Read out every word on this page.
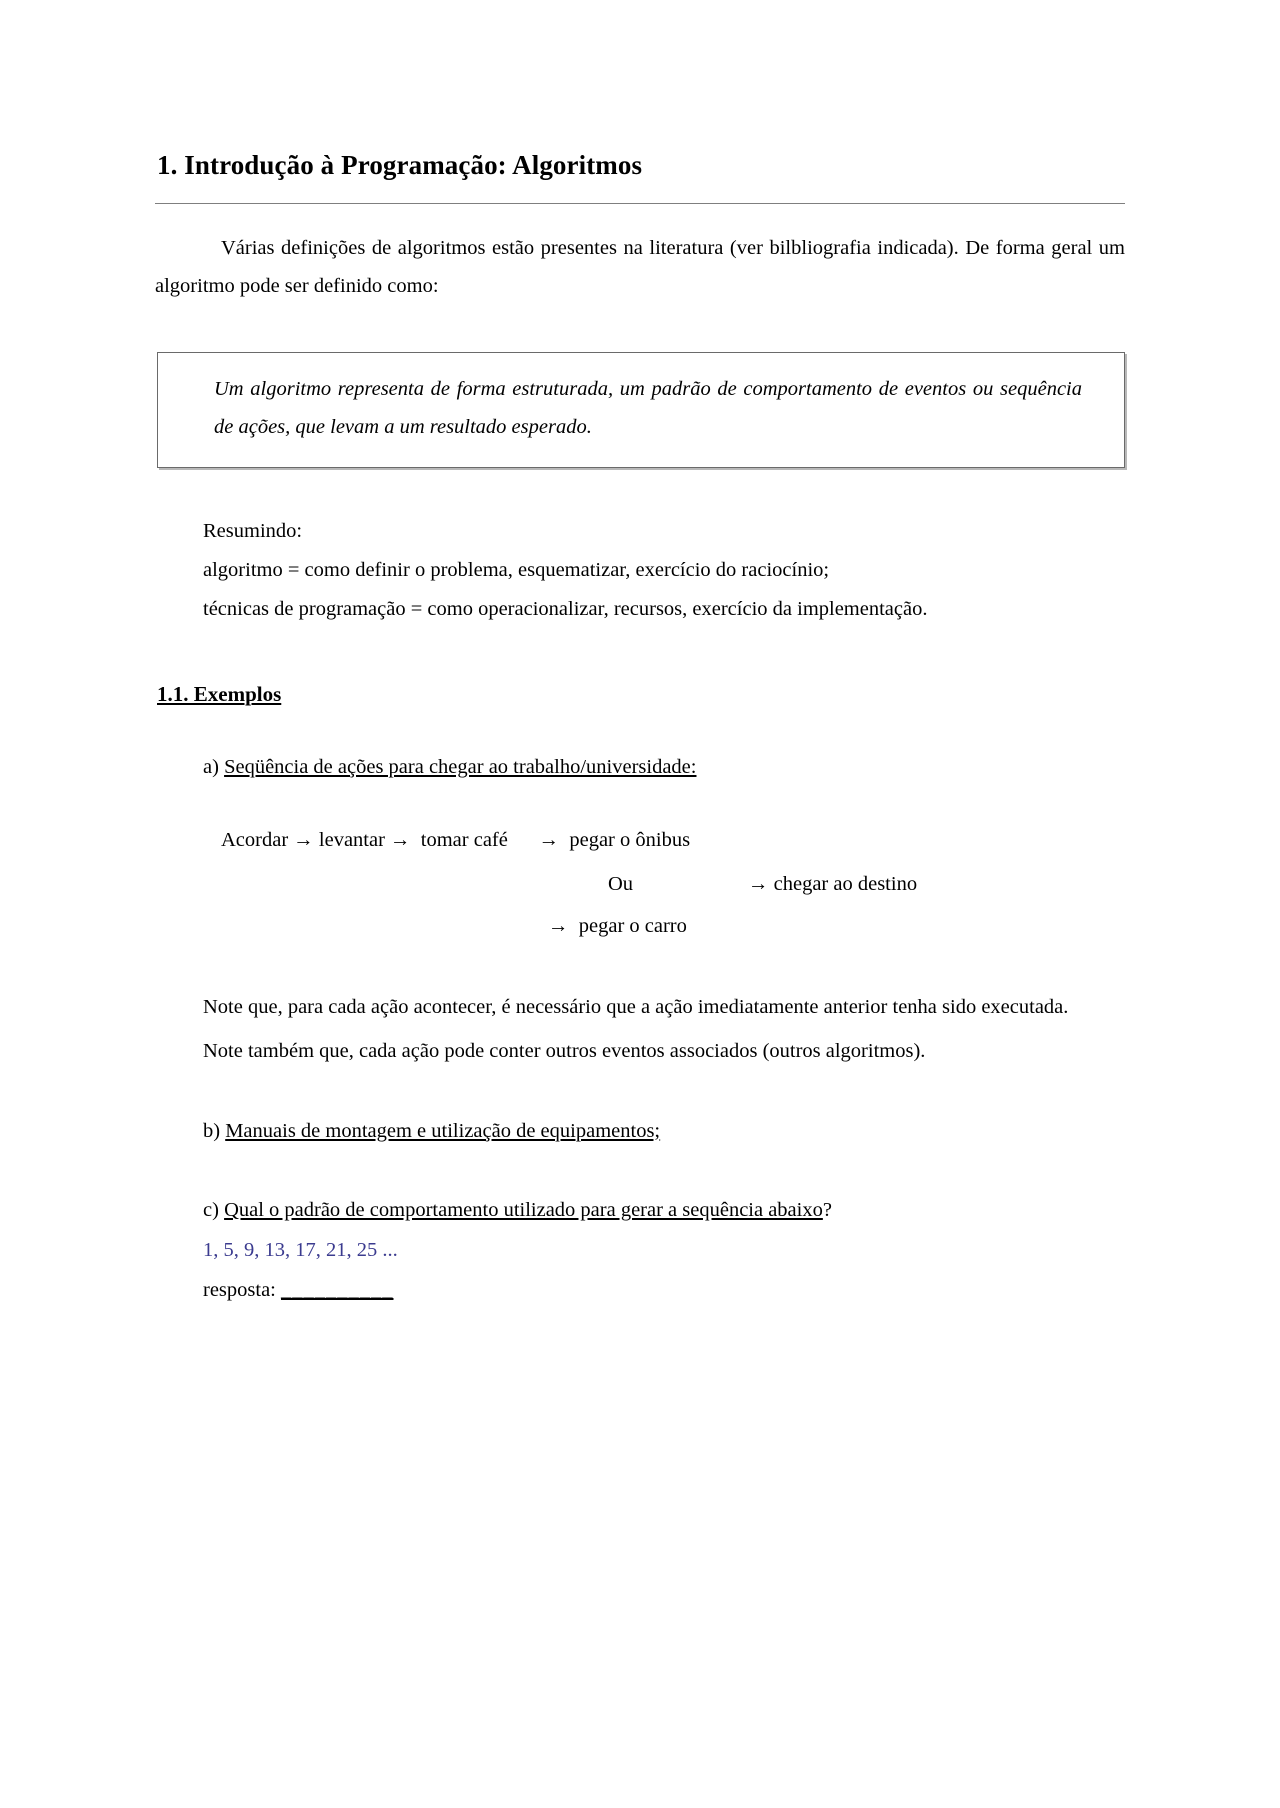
1. Introdução à Programação: Algoritmos

Várias definições de algoritmos estão presentes na literatura (ver bilbliografia indicada). De forma geral um algoritmo pode ser definido como:

Um algoritmo representa de forma estruturada, um padrão de comportamento de eventos ou sequência de ações, que levam a um resultado esperado.

Resumindo:

algoritmo = como definir o problema, esquematizar, exercício do raciocínio;

técnicas de programação = como operacionalizar, recursos, exercício da implementação.

1.1. Exemplos

a) Seqüência de ações para chegar ao trabalho/universidade:

Acordar → levantar →  tomar café      →  pegar o ônibus
Ou	→ chegar ao destino
→  pegar o carro

Note que, para cada ação acontecer, é necessário que a ação imediatamente anterior tenha sido executada.

Note também que, cada ação pode conter outros eventos associados (outros algoritmos).

b) Manuais de montagem e utilização de equipamentos;

c) Qual o padrão de comportamento utilizado para gerar a sequência abaixo?

1, 5, 9, 13, 17, 21, 25 ...

resposta: __________
